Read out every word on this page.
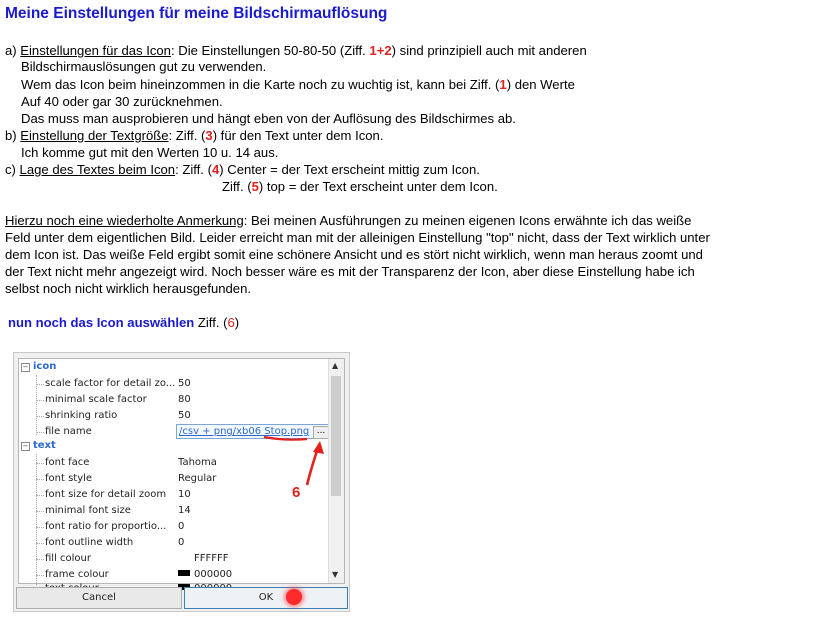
Meine Einstellungen für meine Bildschirmauflösung
a) Einstellungen für das Icon: Die Einstellungen 50-80-50 (Ziff. 1+2) sind prinzipiell auch mit anderen
Bildschirmauslösungen gut zu verwenden.
Wem das Icon beim hineinzommen in die Karte noch zu wuchtig ist, kann bei Ziff. (1) den Werte
Auf 40 oder gar 30 zurücknehmen.
Das muss man ausprobieren und hängt eben von der Auflösung des Bildschirmes ab.
b) Einstellung der Textgröße: Ziff. (3) für den Text unter dem Icon.
Ich komme gut mit den Werten 10 u. 14 aus.
c) Lage des Textes beim Icon: Ziff. (4) Center = der Text erscheint mittig zum Icon.
Ziff. (5) top = der Text erscheint unter dem Icon.
Hierzu noch eine wiederholte Anmerkung: Bei meinen Ausführungen zu meinen eigenen Icons erwähnte ich das weiße
Feld unter dem eigentlichen Bild. Leider erreicht man mit der alleinigen Einstellung "top" nicht, dass der Text wirklich unter
dem Icon ist. Das weiße Feld ergibt somit eine schönere Ansicht und es stört nicht wirklich, wenn man heraus zoomt und
der Text nicht mehr angezeigt wird. Noch besser wäre es mit der Transparenz der Icon, aber diese Einstellung habe ich
selbst noch nicht wirklich herausgefunden.
nun noch das Icon auswählen Ziff. (6)
− icon
scale factor for detail zo... 50
minimal scale factor	80
shrinking ratio	50
file name	/csv + png/xb06 Stop.png ...
− text
font face	Tahoma
font style	Regular
font size for detail zoom 10
minimal font size	14
font ratio for proportio... 0
font outline width	0
fill colour	FFFFFF
frame colour	000000
▲
▼
Cancel	OK
6
